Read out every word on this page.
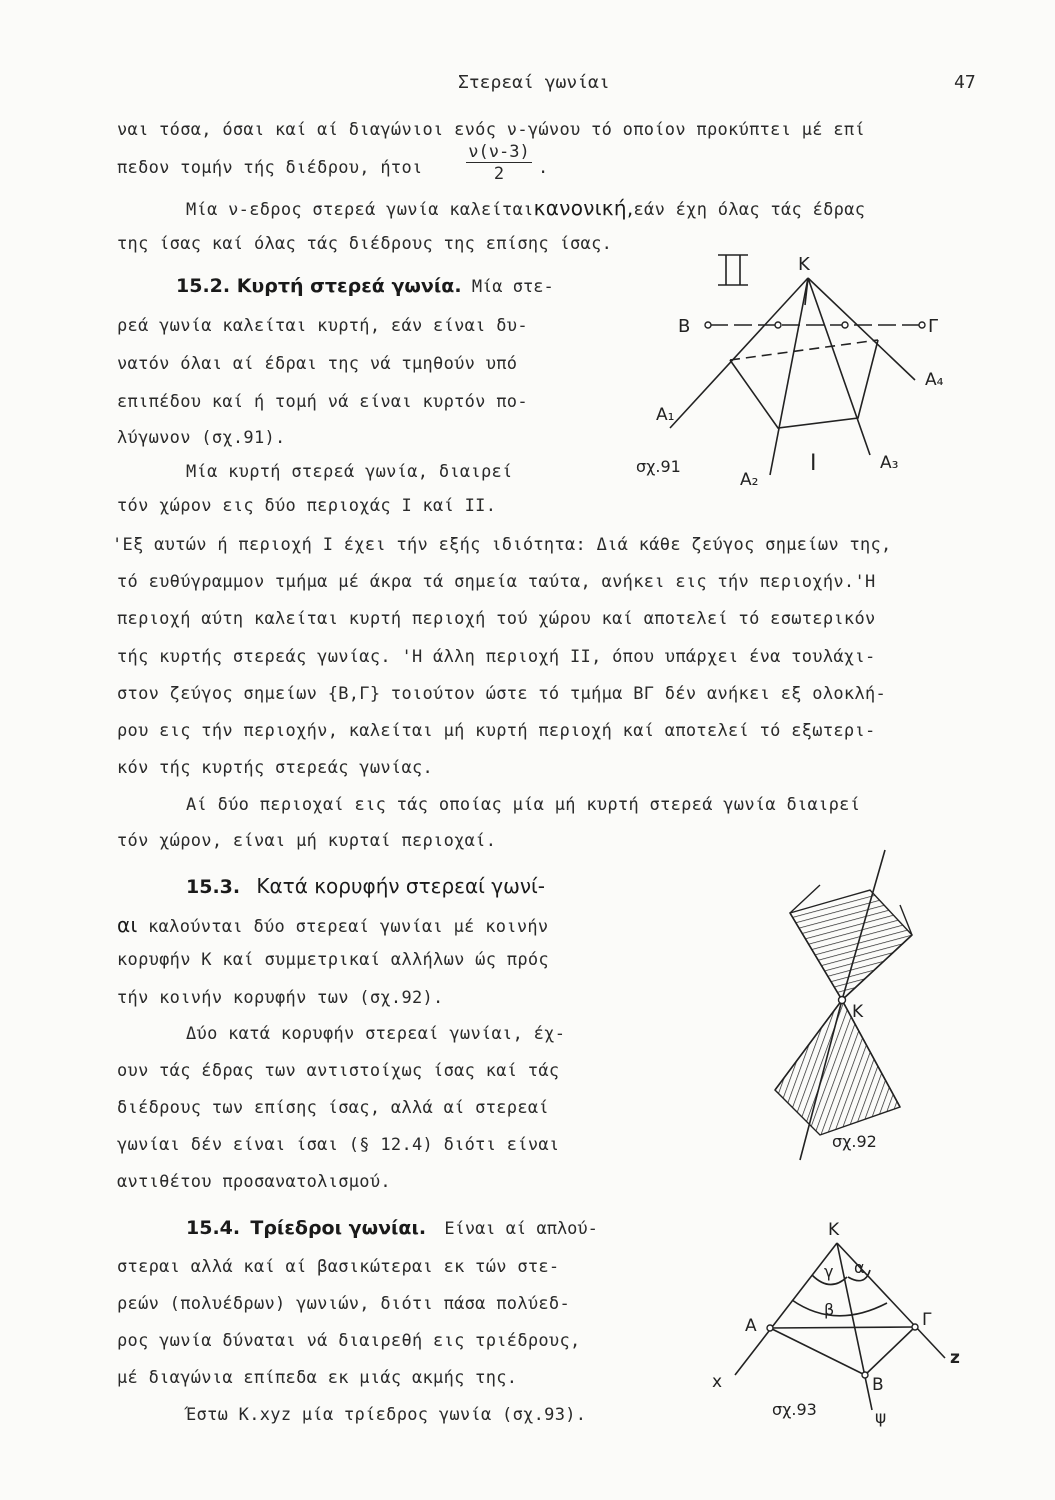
Στερεαί γωνίαι	47
ναι τόσα, όσαι καί αί διαγώνιοι ενός ν-γώνου τό οποίον προκύπτει μέ επί
πεδον τομήν τής διέδρου, ήτοι	$\frac{\nu(\nu-3)}{2}$ .
Μία ν-εδρος στερεά γωνία καλείταικανονική,εάν έχη όλας τάς έδρας
της ίσας καί όλας τάς διέδρους της επίσης ίσας.
15.2. Κυρτή στερεά γωνία. Μία στε-
ρεά γωνία καλείται κυρτή, εάν είναι δυ-
νατόν όλαι αί έδραι της νά τμηθούν υπό
επιπέδου καί ή τομή νά είναι κυρτόν πο-
λύγωνον (σχ.91).
Μία κυρτή στερεά γωνία, διαιρεί
τόν χώρον εις δύο περιοχάς I καί II.
'Εξ αυτών ή περιοχή I έχει τήν εξής ιδιότητα: Διά κάθε ζεύγος σημείων της,
τό ευθύγραμμον τμήμα μέ άκρα τά σημεία ταύτα, ανήκει εις τήν περιοχήν.'Η
περιοχή αύτη καλείται κυρτή περιοχή τού χώρου καί αποτελεί τό εσωτερικόν
τής κυρτής στερεάς γωνίας. 'Η άλλη περιοχή II, όπου υπάρχει ένα τουλάχι-
στον ζεύγος σημείων {Β,Γ} τοιούτον ώστε τό τμήμα ΒΓ δέν ανήκει εξ ολοκλή-
ρου εις τήν περιοχήν, καλείται μή κυρτή περιοχή καί αποτελεί τό εξωτερι-
κόν τής κυρτής στερεάς γωνίας.
Αί δύο περιοχαί εις τάς οποίας μία μή κυρτή στερεά γωνία διαιρεί
τόν χώρον, είναι μή κυρταί περιοχαί.
K
B	Γ
A₄
A₁
A₂
A₃
I
σχ.91
15.3. Κατά κορυφήν στερεαί γωνί-
αι καλούνται δύο στερεαί γωνίαι μέ κοινήν
κορυφήν Κ καί συμμετρικαί αλλήλων ώς πρός
τήν κοινήν κορυφήν των (σχ.92).
Δύο κατά κορυφήν στερεαί γωνίαι, έχ-
ουν τάς έδρας των αντιστοίχως ίσας καί τάς
διέδρους των επίσης ίσας, αλλά αί στερεαί
γωνίαι δέν είναι ίσαι (§ 12.4) διότι είναι
αντιθέτου προσανατολισμού.
K
σχ.92
15.4. Τρίεδροι γωνίαι. Είναι αί απλού-
στεραι αλλά καί αί βασικώτεραι εκ τών στε-
ρεών (πολυέδρων) γωνιών, διότι πάσα πολύεδ-
ρος γωνία δύναται νά διαιρεθή εις τριέδρους,
μέ διαγώνια επίπεδα εκ μιάς ακμής της.
Έστω Κ.xyz μία τρίεδρος γωνία (σχ.93).
K
A	Γ
B
x
z
ψ
γ α
β
σχ.93
